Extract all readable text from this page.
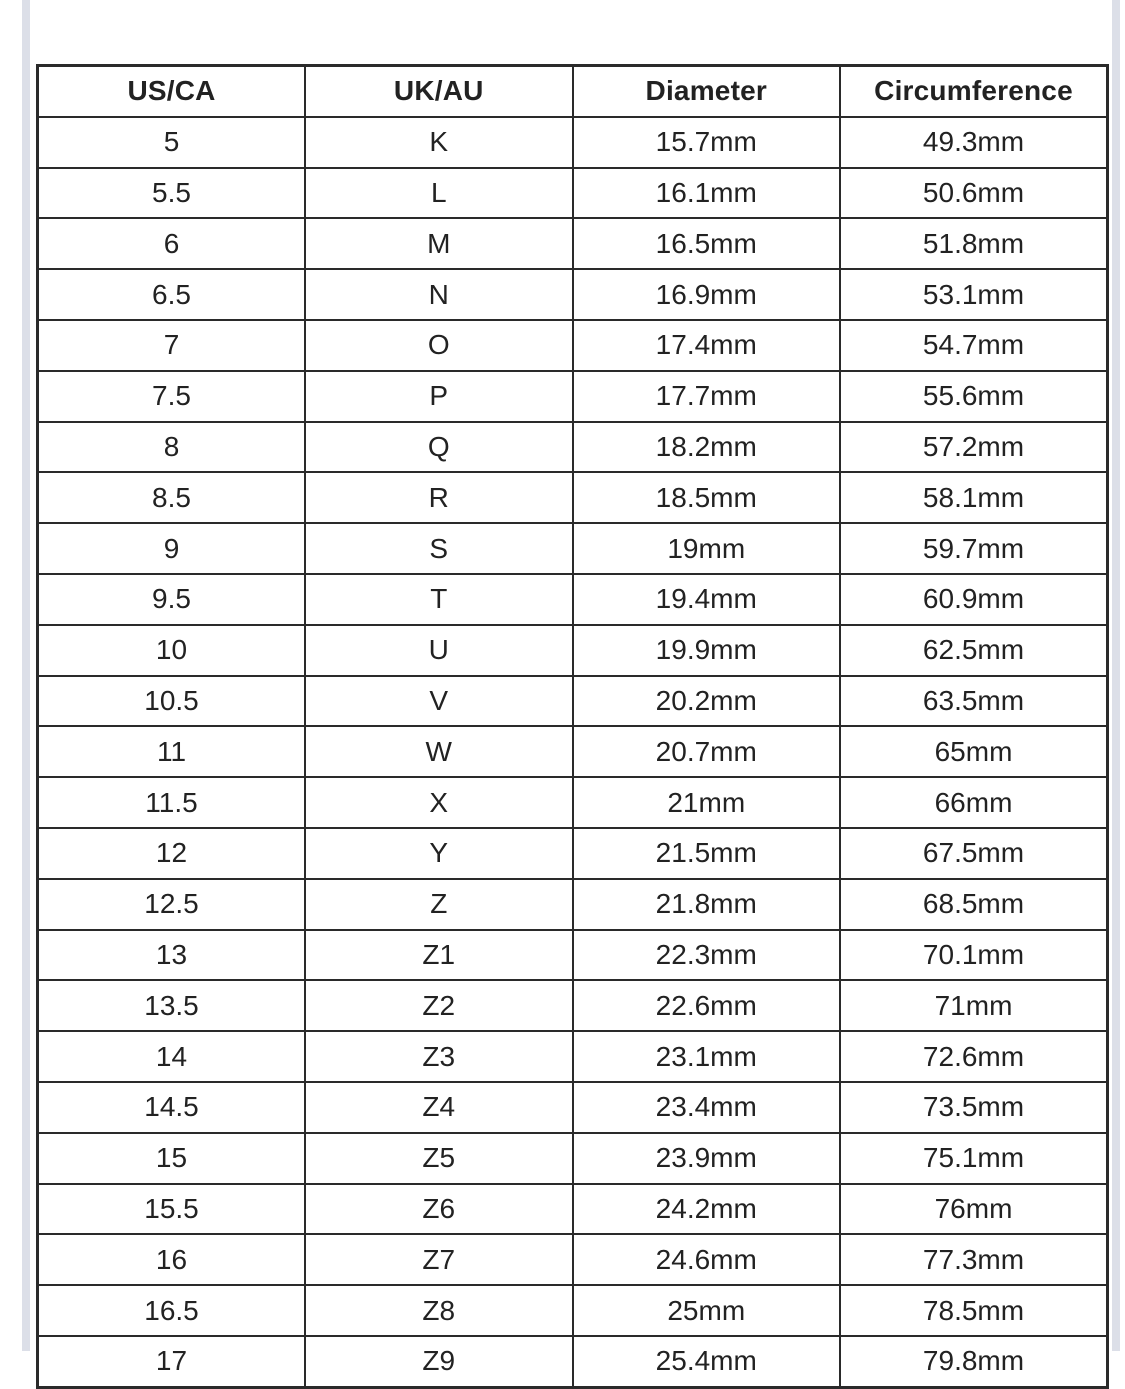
US/CA	UK/AU	Diameter	Circumference
5	K	15.7mm	49.3mm
5.5	L	16.1mm	50.6mm
6	M	16.5mm	51.8mm
6.5	N	16.9mm	53.1mm
7	O	17.4mm	54.7mm
7.5	P	17.7mm	55.6mm
8	Q	18.2mm	57.2mm
8.5	R	18.5mm	58.1mm
9	S	19mm	59.7mm
9.5	T	19.4mm	60.9mm
10	U	19.9mm	62.5mm
10.5	V	20.2mm	63.5mm
11	W	20.7mm	65mm
11.5	X	21mm	66mm
12	Y	21.5mm	67.5mm
12.5	Z	21.8mm	68.5mm
13	Z1	22.3mm	70.1mm
13.5	Z2	22.6mm	71mm
14	Z3	23.1mm	72.6mm
14.5	Z4	23.4mm	73.5mm
15	Z5	23.9mm	75.1mm
15.5	Z6	24.2mm	76mm
16	Z7	24.6mm	77.3mm
16.5	Z8	25mm	78.5mm
17	Z9	25.4mm	79.8mm
